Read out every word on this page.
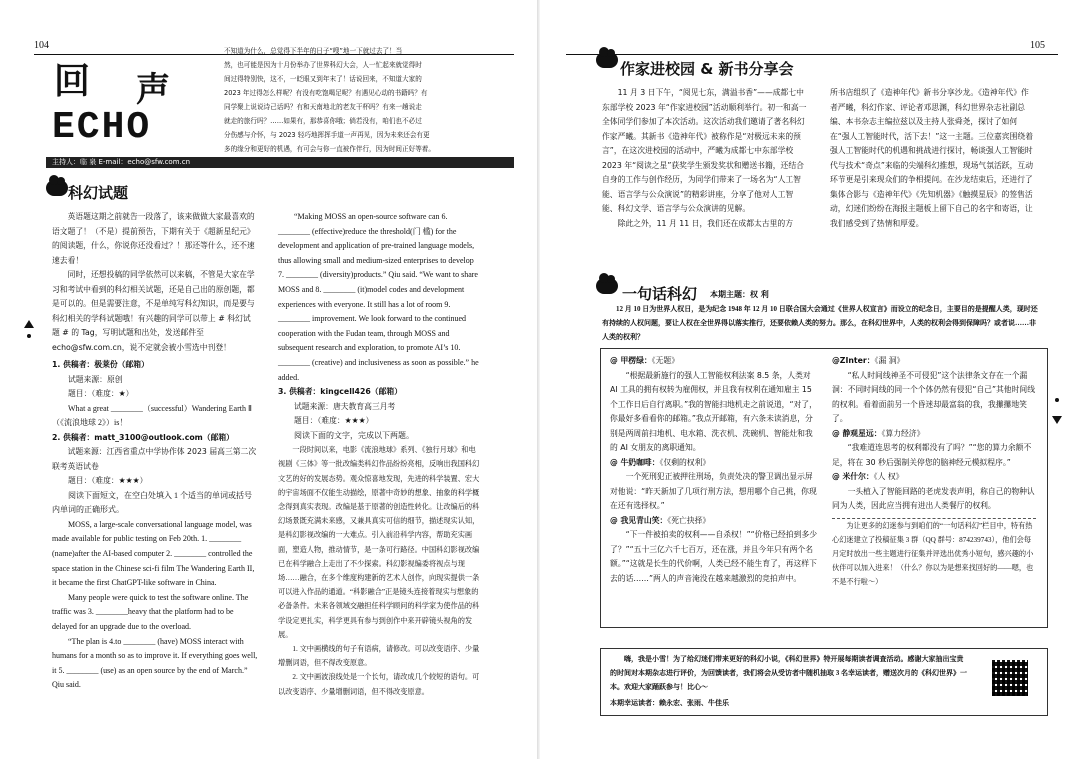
104
回 声
ECHO
不知道为什么，总觉得下半年的日子“嗖”地一下就过去了！当
然，也可能是因为十月份举办了世界科幻大会，人一忙起来就觉得时
间过得特别快，这不，一眨眼又到年末了！话说回来，不知道大家的
2023 年过得怎么样呢？有没有吃饱喝足呢？有遇见心动的书籍吗？有
同学聚上说说诗己话吗？有和天南地北的老友干杯吗？有来一趟说走
就走的旅行吗？……如果有，那恭喜你哦；倘若没有，咱们也不必过
分伤感与介怀，与 2023 轻巧地挥挥手道一声再见，因为未来还会有更
多的缘分和更好的机遇，有可会与你一直被作伴行，因为时间正好等着。
主持人：临 泉 E-mail：echo@sfw.com.cn
科幻试题

英语题这期之前就告一段落了，该来做做大家最喜欢的语文题了！（不是）提前预告，下期有关于《超新星纪元》的阅读题，什么，你说你还没看过？！那还等什么，还不速速去看！

同时，还想投稿的同学依然可以来稿，不管是大家在学习和考试中看到的科幻相关试题，还是自己出的原创题，都是可以的。但是需要注意，不是单纯写科幻知识，而是要与科幻相关的学科试题哦！有兴趣的同学可以带上 # 科幻试题 # 的 Tag，写明试题和出处，发送邮件至 echo@sfw.com.cn，说不定就会被小雪选中刊登！

1. 供稿者：极莱份（邮箱）
试题来源：原创
题目：（难度：★）
What a great ________（successful）Wandering Earth Ⅱ（《流浪地球 2》）is！
2. 供稿者：matt_3100@outlook.com（邮箱）
试题来源：江西省重点中学协作体 2023 届高三第二次联考英语试卷
题目：（难度：★★★）
阅读下面短文，在空白处填入 1 个适当的单词或括号内单词的正确形式。
MOSS, a large-scale conversational language model, was made available for public testing on Feb 20th. 1. ________ (name)after the AI-based computer 2. ________ controlled the space station in the Chinese sci-fi film The Wandering Earth II, it became the first ChatGPT-like software in China.
Many people were quick to test the software online. The traffic was 3. ________heavy that the platform had to be delayed for an upgrade due to the overload.
“The plan is 4.to ________ (have) MOSS interact with humans for a month so as to improve it. If everything goes well, it 5. ________ (use) as an open source by the end of March.” Qiu said.
“Making MOSS an open-source software can 6. ________ (effective)reduce the threshold(门 槛) for the development and application of pre-trained language models, thus allowing small and medium-sized enterprises to develop 7. ________ (diversity)products.” Qiu said. “We want to share MOSS and 8. ________ (it)model codes and development experiences with everyone. It still has a lot of room 9. ________ improvement. We look forward to the continued cooperation with the Fudan team, through MOSS and subsequent research and exploration, to promote AI’s 10. ________ (creative) and inclusiveness as soon as possible.” he added.
3. 供稿者：kingcell426（邮箱）
试题来源：唐夫教育高三月考
题目：（难度：★★★）
阅读下面的文字，完成以下两题。
一段时间以来，电影《流浪地球》系列、《独行月球》和电视剧《三体》等一批改编类科幻作品纷纷亮相，反响出我国科幻文艺的好的发展态势。观众惊喜地发现，先进的科学装置、宏大的宇宙场面不仅能生动描绘，原著中奇妙的想象、抽象的科学概念得到真实表现。改编是基于原著的创造性转化。让改编后的科幻场景既充满未来感，又兼具真实可信的细节，描述现实认知，是科幻影视改编的一大难点。引入前沿科学内容，帮助充实画面，塑造人物，推动情节，是一条可行路径。中国科幻影视改编已在科学融合上走出了不少探索。科幻影视编委将视点与现场……融合，在多个维度构建新的艺术人创作，向现实提供一条可以进入作品的通道。“科影融合”正是镜头连接着现实与想象的必备条件。未来各领域交融担任科学顾问的科学家为使作品的科学设定更扎实，科学更具有参与到创作中来开辟镜头视角的发展。
1. 文中画横线的句子有语病，请修改。可以改变语序、少量增删词语，但不得改变原意。
2. 文中画波浪线处是一个长句，请改成几个较短的语句。可以改变语序、少量增删词语，但不得改变原意。
105
作家进校园 & 新书分享会

11 月 3 日下午，“阅见七东，满溢书香”——成都七中东部学校 2023 年“作家进校园”活动顺利举行。初一和高一全体同学们参加了本次活动。这次活动我们邀请了著名科幻作家严曦。其新书《造神年代》被称作是“对极远未来的预言”，在这次进校园的活动中，严曦为成都七中东部学校 2023 年“阅读之星”获奖学生颁发奖状和赠送书籍，还结合自身的工作与创作经历，为同学们带来了一场名为“人工智能、语言学与公众演说”的精彩讲座，分享了他对人工智能、科幻文学、语言学与公众演讲的见解。

除此之外，11 月 11 日，我们还在成都太古里的方

所书店组织了《造神年代》新书分享沙龙。《造神年代》作者严曦，科幻作家、评论者邓思渊，科幻世界杂志社副总编、本书杂志主编拉兹以及主持人张舜尧，探讨了如何在“强人工智能时代，活下去！”这一主题。三位嘉宾围绕着强人工智能时代的机遇和挑战进行探讨，畅谈强人工智能时代与技术“奇点”来临的尖端科幻推想，现场气氛活跃，互动环节更是引来现众们的争相提问。在沙龙结束后，还进行了集体合影与《造神年代》《先知机器》《触摸星辰》的签售活动，幻迷们纷纷在海报主题板上留下自己的名字和寄语，让我们感受到了热情和厚爱。
一句话科幻 本期主题：权 利
12 月 10 日为世界人权日，是为纪念 1948 年 12 月 10 日联合国大会通过《世界人权宣言》而设立的纪念日，主要目的是提醒人类，现时还有持续的人权问题，要让人权在全世界得以落实推行，还要依赖人类的努力。那么，在科幻世界中，人类的权利会得到保障吗？或者说……非人类的权利？
@ 甲楞绿：《无题》
“根据最新施行的强人工智能权利法案 8.5 条，人类对 AI 工具的拥有权转为雇佣权，并且我有权利在通知雇主 15 个工作日后自行离职。”我的智能扫地机走之前说道，“对了，你最好多看看你的邮箱。”我点开邮箱，有六条未读消息，分别是两周前扫地机、电水箱、洗衣机、洗碗机、智能灶和我的 AI 女朋友的离职通知。
@ 牛奶咖啡：《仅剩的权利》
一个死刑犯正被押往刑场，负责处决的警卫调出显示屏对他说：“昨天新加了几项行刑方法，想用哪个自己挑，你现在还有选择权。”
@ 我见青山笑：《死亡抉择》
“下一件被拍卖的权利——自杀权！”“价格已经拍到多少了？”“五十三亿六千七百万，还在涨，并且今年只有两个名额。”“这就是长生的代价啊，人类已经不能生育了，再这样下去的话……”两人的声音淹没在越来越激烈的竞拍声中。
@ZInter：《漏 洞》
“私人时间线神圣不可侵犯”这个法律条文存在一个漏洞：不同时间线的同一个个体仍然有侵犯“自己”其他时间线的权利。看着面前另一个昏迷却最富翁的我，我攥攥地笑了。
@ 静观星远：《算力经济》
“我难道连思考的权利都没有了吗？”“您的算力余额不足，将在 30 秒后强制关停您的脑神经元模拟程序。”
@ 米什尔：《人 权》
一头植入了智能回路的老虎发表声明，称自己的物种认同为人类，因此应当拥有进出人类餐厅的权利。
为让更多的幻迷参与到咱们的“一句话科幻”栏目中，特有热心幻迷建立了投稿征集 3 群（QQ 群号：874239743），他们会每月定时放出一些主题进行征集并评选出优秀小短句，感兴趣的小伙伴可以加入进来！（什么？你以为是想来找回好的——嗯，也不是不行啦～）
嗨，我是小雪！为了给幻迷们带来更好的科幻小说，《科幻世界》特开展每期读者调查活动。感谢大家抽出宝贵的时间对本期杂志进行评价，为回馈读者，我们将会从受访者中随机抽取 3 名幸运读者，赠送次月的《科幻世界》一本。欢迎大家踊跃参与！比心～
本期幸运读者：赖永宏、张雨、牛佳乐
